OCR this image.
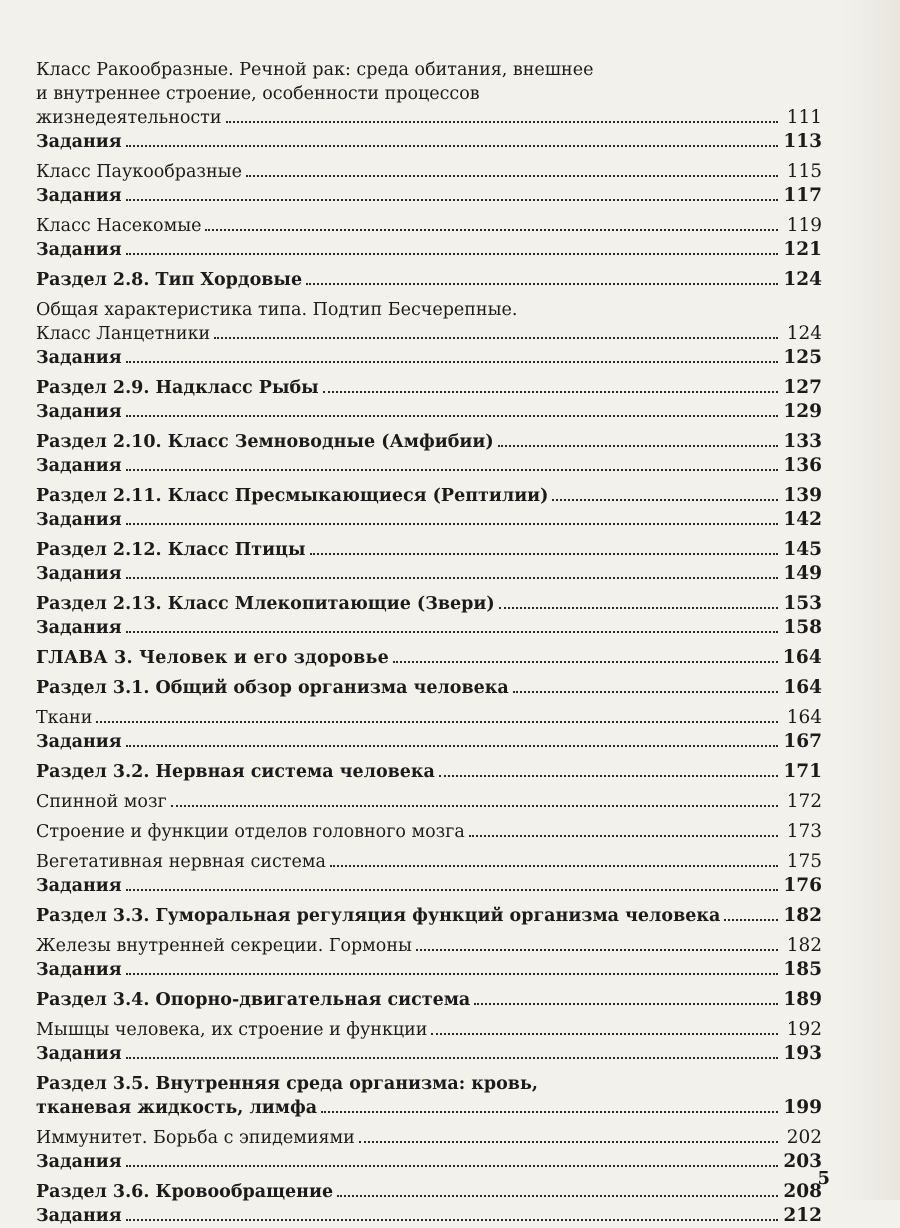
Класс Ракообразные. Речной рак: среда обитания, внешнее
и внутреннее строение, особенности процессов
жизнедеятельности	111
Задания	113
Класс Паукообразные	115
Задания	117
Класс Насекомые	119
Задания	121
Раздел 2.8. Тип Хордовые	124
Общая характеристика типа. Подтип Бесчерепные.
Класс Ланцетники	124
Задания	125
Раздел 2.9. Надкласс Рыбы	127
Задания	129
Раздел 2.10. Класс Земноводные (Амфибии)	133
Задания	136
Раздел 2.11. Класс Пресмыкающиеся (Рептилии)	139
Задания	142
Раздел 2.12. Класс Птицы	145
Задания	149
Раздел 2.13. Класс Млекопитающие (Звери)	153
Задания	158
ГЛАВА 3. Человек и его здоровье	164
Раздел 3.1. Общий обзор организма человека	164
Ткани	164
Задания	167
Раздел 3.2. Нервная система человека	171
Спинной мозг	172
Строение и функции отделов головного мозга	173
Вегетативная нервная система	175
Задания	176
Раздел 3.3. Гуморальная регуляция функций организма человека	182
Железы внутренней секреции. Гормоны	182
Задания	185
Раздел 3.4. Опорно-двигательная система	189
Мышцы человека, их строение и функции	192
Задания	193
Раздел 3.5. Внутренняя среда организма: кровь,
тканевая жидкость, лимфа	199
Иммунитет. Борьба с эпидемиями	202
Задания	203
Раздел 3.6. Кровообращение	208
Задания	212
5
